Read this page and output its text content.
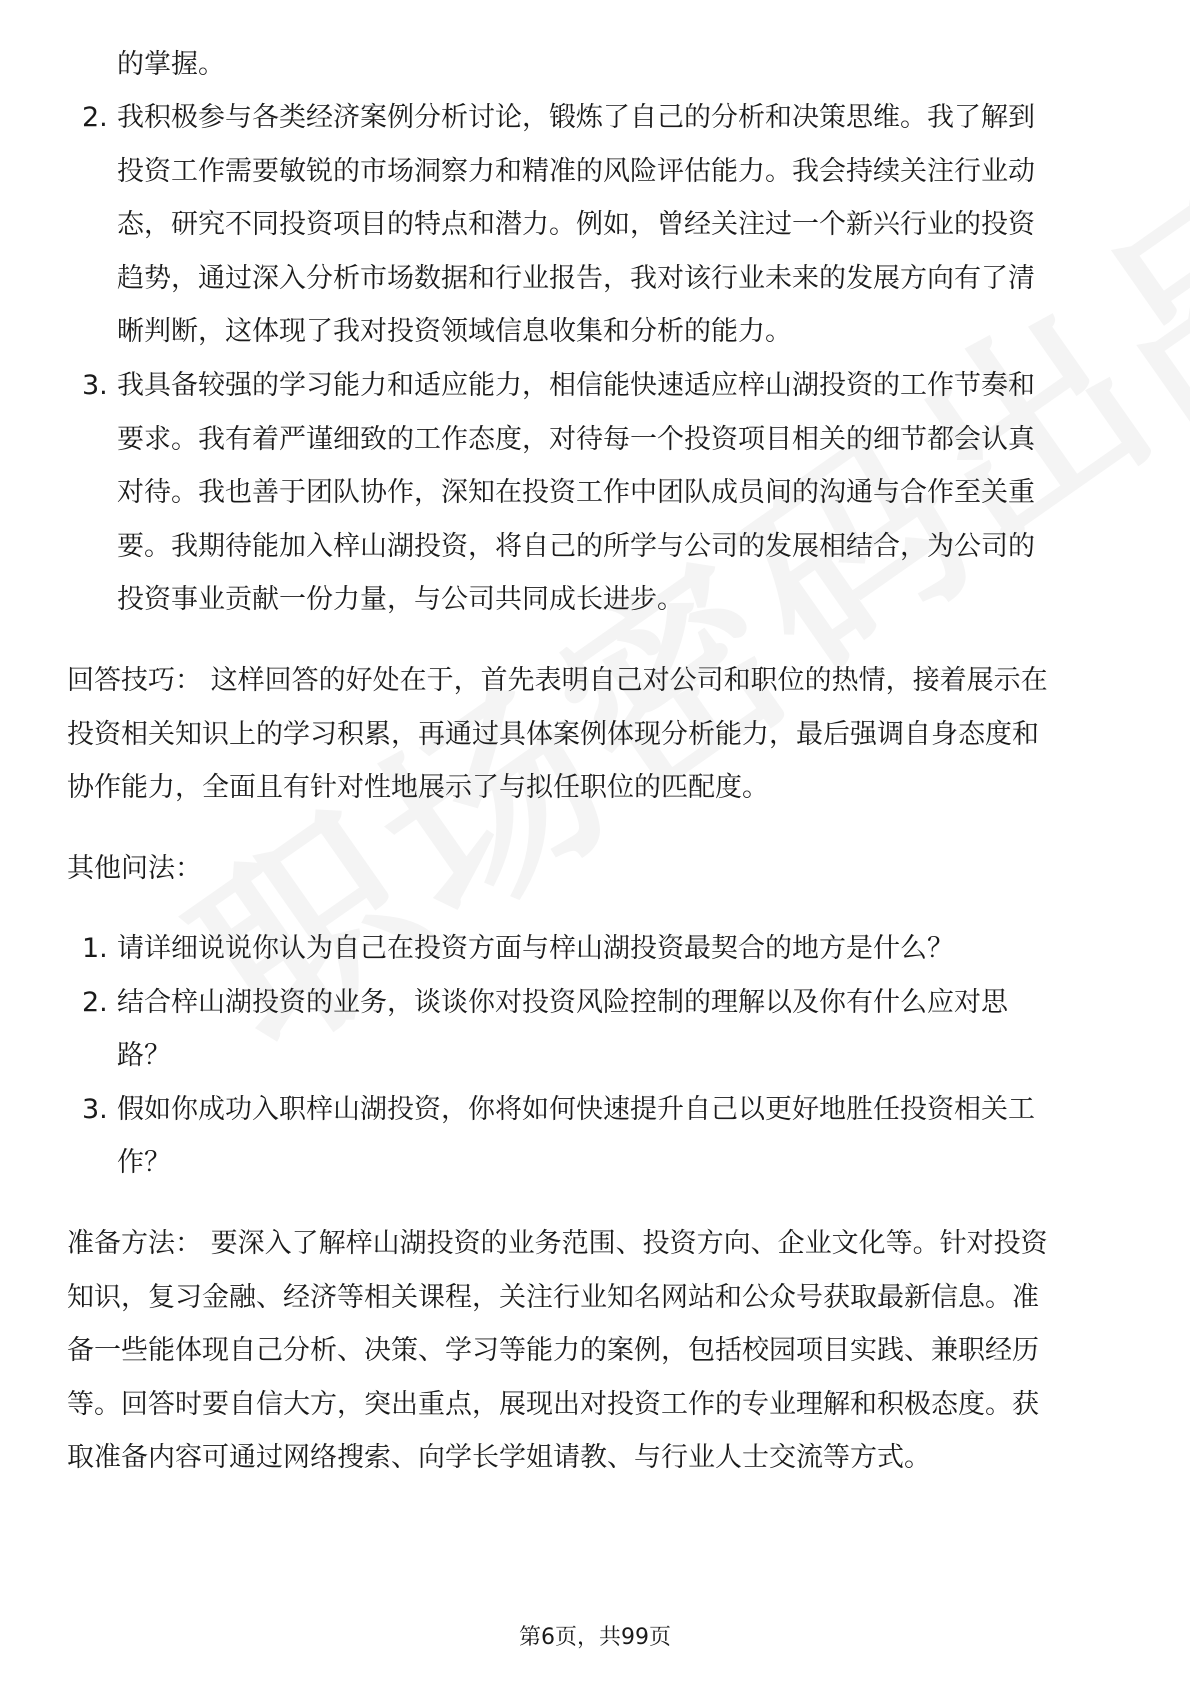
的掌握。
2. 我积极参与各类经济案例分析讨论，锻炼了自己的分析和决策思维。我了解到
投资工作需要敏锐的市场洞察力和精准的风险评估能力。我会持续关注行业动
态，研究不同投资项目的特点和潜力。例如，曾经关注过一个新兴行业的投资
趋势，通过深入分析市场数据和行业报告，我对该行业未来的发展方向有了清
晰判断，这体现了我对投资领域信息收集和分析的能力。
3. 我具备较强的学习能力和适应能力，相信能快速适应梓山湖投资的工作节奏和
要求。我有着严谨细致的工作态度，对待每一个投资项目相关的细节都会认真
对待。我也善于团队协作，深知在投资工作中团队成员间的沟通与合作至关重
要。我期待能加入梓山湖投资，将自己的所学与公司的发展相结合，为公司的
投资事业贡献一份力量，与公司共同成长进步。
回答技巧： 这样回答的好处在于，首先表明自己对公司和职位的热情，接着展示在
投资相关知识上的学习积累，再通过具体案例体现分析能力，最后强调自身态度和
协作能力，全面且有针对性地展示了与拟任职位的匹配度。
其他问法：
1. 请详细说说你认为自己在投资方面与梓山湖投资最契合的地方是什么？
2. 结合梓山湖投资的业务，谈谈你对投资风险控制的理解以及你有什么应对思
路？
3. 假如你成功入职梓山湖投资，你将如何快速提升自己以更好地胜任投资相关工
作？
准备方法： 要深入了解梓山湖投资的业务范围、投资方向、企业文化等。针对投资
知识，复习金融、经济等相关课程，关注行业知名网站和公众号获取最新信息。准
备一些能体现自己分析、决策、学习等能力的案例，包括校园项目实践、兼职经历
等。回答时要自信大方，突出重点，展现出对投资工作的专业理解和积极态度。获
取准备内容可通过网络搜索、向学长学姐请教、与行业人士交流等方式。
第6页，共99页
